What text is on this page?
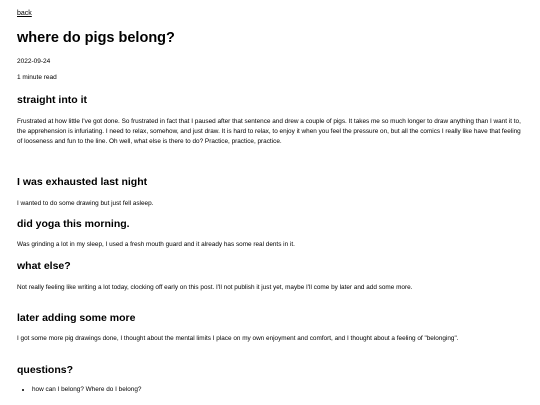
back
where do pigs belong?
2022-09-24
1 minute read
straight into it

Frustrated at how little I've got done. So frustrated in fact that I paused after that sentence and drew a couple of pigs. It takes me so much longer to draw anything than I want it to, the apprehension is infuriating. I need to relax, somehow, and just draw. It is hard to relax, to enjoy it when you feel the pressure on, but all the comics I really like have that feeling of looseness and fun to the line. Oh well, what else is there to do? Practice, practice, practice.

I was exhausted last night

I wanted to do some drawing but just fell asleep.

did yoga this morning.

Was grinding a lot in my sleep, I used a fresh mouth guard and it already has some real dents in it.

what else?

Not really feeling like writing a lot today, clocking off early on this post. I'll not publish it just yet, maybe I'll come by later and add some more.

later adding some more

I got some more pig drawings done, I thought about the mental limits I place on my own enjoyment and comfort, and I thought about a feeling of "belonging".

questions?
• how can I belong? Where do I belong?
